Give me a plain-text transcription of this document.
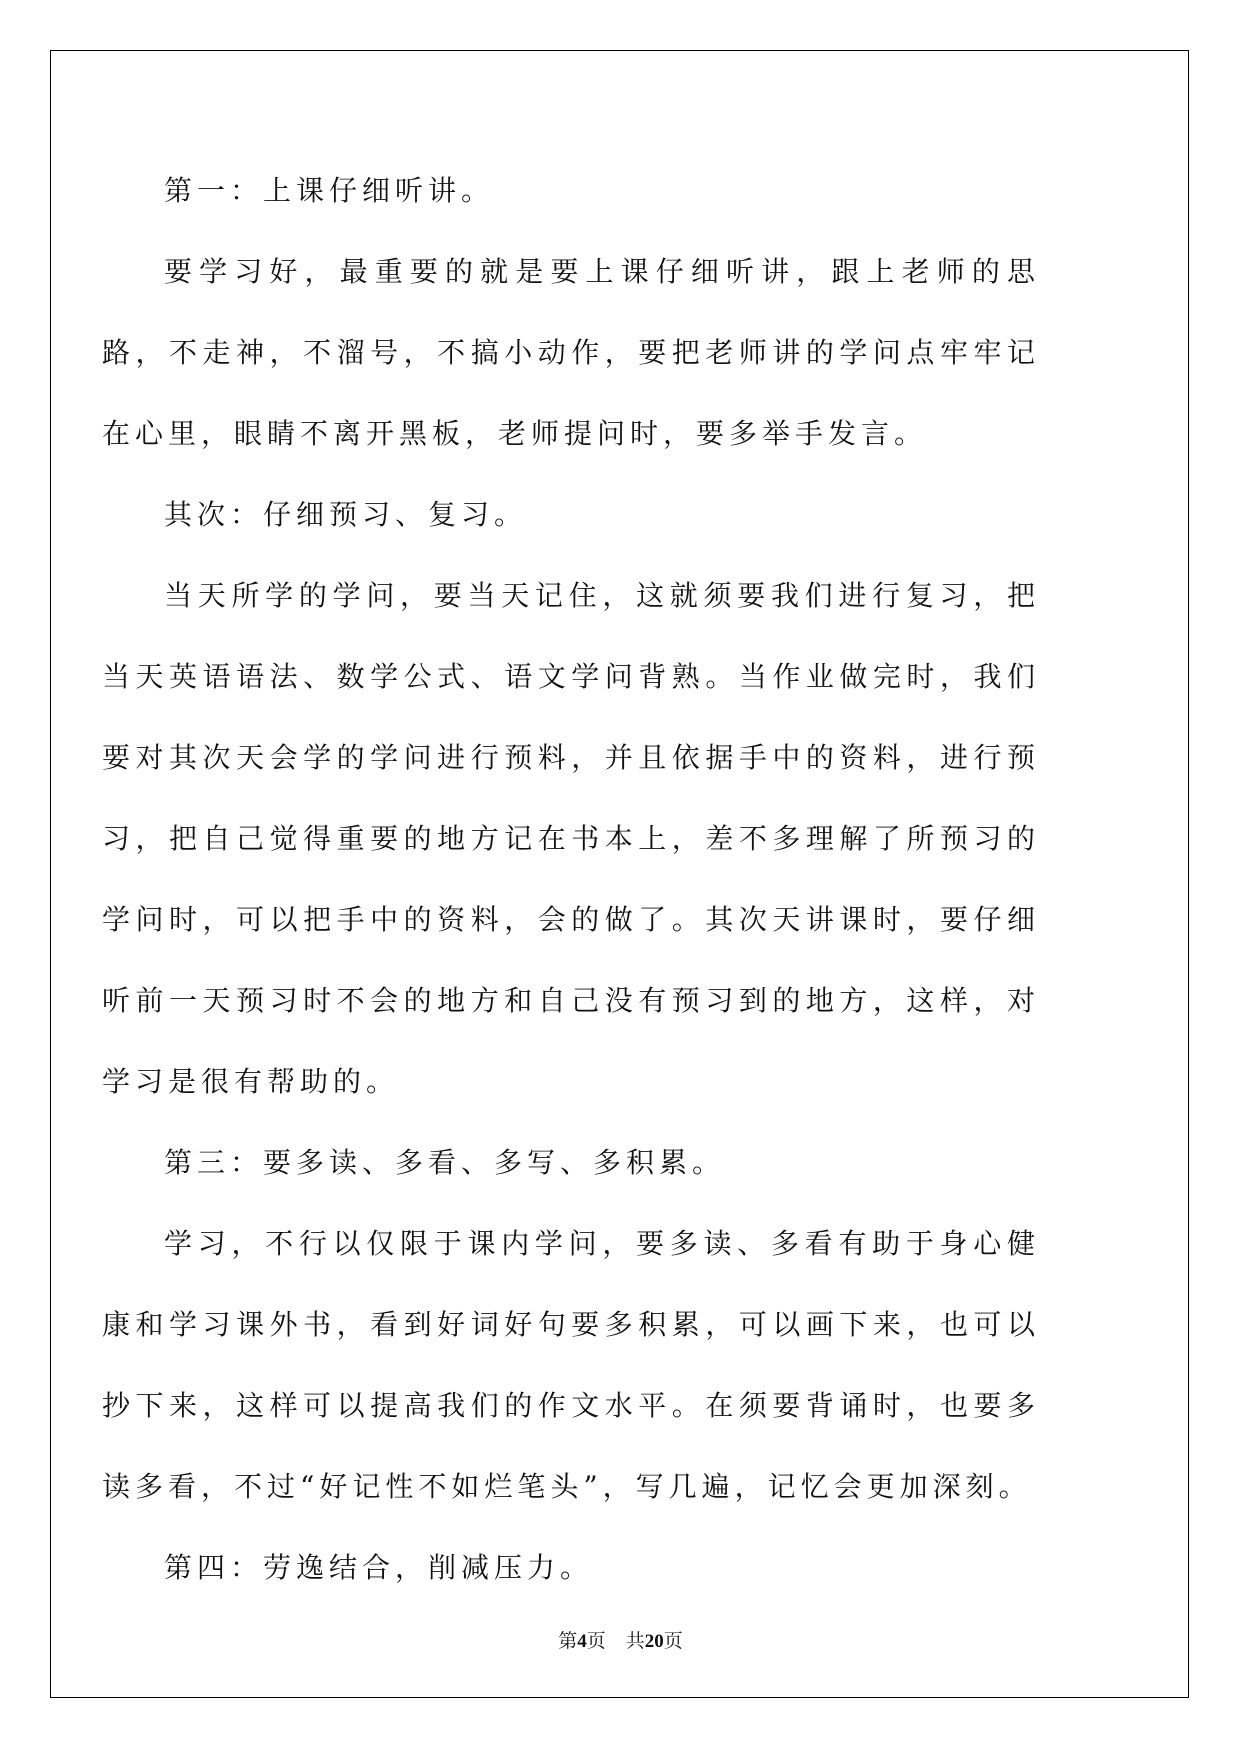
第一：上课仔细听讲。

要学习好，最重要的就是要上课仔细听讲，跟上老师的思路，不走神，不溜号，不搞小动作，要把老师讲的学问点牢牢记在心里，眼睛不离开黑板，老师提问时，要多举手发言。

其次：仔细预习、复习。

当天所学的学问，要当天记住，这就须要我们进行复习，把当天英语语法、数学公式、语文学问背熟。当作业做完时，我们要对其次天会学的学问进行预料，并且依据手中的资料，进行预习，把自己觉得重要的地方记在书本上，差不多理解了所预习的学问时，可以把手中的资料，会的做了。其次天讲课时，要仔细听前一天预习时不会的地方和自己没有预习到的地方，这样，对学习是很有帮助的。

第三：要多读、多看、多写、多积累。

学习，不行以仅限于课内学问，要多读、多看有助于身心健康和学习课外书，看到好词好句要多积累，可以画下来，也可以抄下来，这样可以提高我们的作文水平。在须要背诵时，也要多读多看，不过“好记性不如烂笔头”，写几遍，记忆会更加深刻。

第四：劳逸结合，削减压力。

第4页 共20页
